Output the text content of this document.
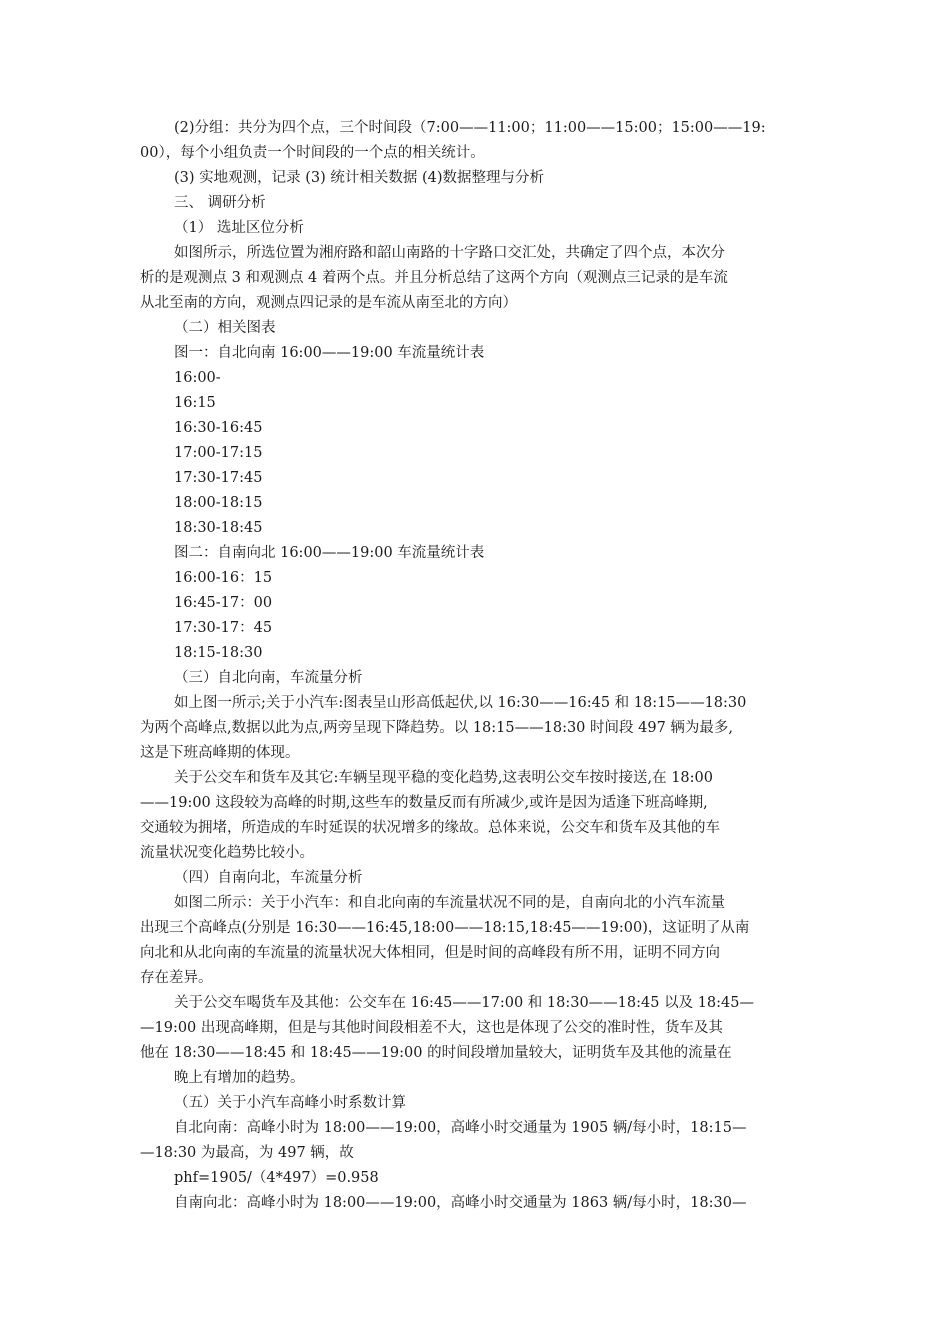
(2)分组：共分为四个点，三个时间段（7:00——11:00；11:00——15:00；15:00——19:
00），每个小组负责一个时间段的一个点的相关统计。
(3) 实地观测，记录 (3) 统计相关数据 (4)数据整理与分析
三、 调研分析
（1） 选址区位分析
如图所示，所选位置为湘府路和韶山南路的十字路口交汇处，共确定了四个点，本次分
析的是观测点 3 和观测点 4 着两个点。并且分析总结了这两个方向（观测点三记录的是车流
从北至南的方向，观测点四记录的是车流从南至北的方向）
（二）相关图表
图一：自北向南 16:00——19:00 车流量统计表
16:00-
16:15
16:30-16:45
17:00-17:15
17:30-17:45
18:00-18:15
18:30-18:45
图二：自南向北 16:00——19:00 车流量统计表
16:00-16：15
16:45-17：00
17:30-17：45
18:15-18:30
（三）自北向南，车流量分析
如上图一所示;关于小汽车:图表呈山形高低起伏,以 16:30——16:45 和 18:15——18:30
为两个高峰点,数据以此为点,两旁呈现下降趋势。以 18:15——18:30 时间段 497 辆为最多,
这是下班高峰期的体现。
关于公交车和货车及其它:车辆呈现平稳的变化趋势,这表明公交车按时接送,在 18:00
——19:00 这段较为高峰的时期,这些车的数量反而有所减少,或许是因为适逢下班高峰期,
交通较为拥堵，所造成的车时延误的状况增多的缘故。总体来说，公交车和货车及其他的车
流量状况变化趋势比较小。
（四）自南向北，车流量分析
如图二所示：关于小汽车：和自北向南的车流量状况不同的是，自南向北的小汽车流量
出现三个高峰点(分别是 16:30——16:45,18:00——18:15,18:45——19:00)，这证明了从南
向北和从北向南的车流量的流量状况大体相同，但是时间的高峰段有所不用，证明不同方向
存在差异。
关于公交车喝货车及其他：公交车在 16:45——17:00 和 18:30——18:45 以及 18:45—
—19:00 出现高峰期，但是与其他时间段相差不大，这也是体现了公交的准时性，货车及其
他在 18:30——18:45 和 18:45——19:00 的时间段增加量较大，证明货车及其他的流量在
晚上有增加的趋势。
（五）关于小汽车高峰小时系数计算
自北向南：高峰小时为 18:00——19:00，高峰小时交通量为 1905 辆/每小时，18:15—
—18:30 为最高，为 497 辆，故
phf=1905/（4*497）=0.958
自南向北：高峰小时为 18:00——19:00，高峰小时交通量为 1863 辆/每小时，18:30—
